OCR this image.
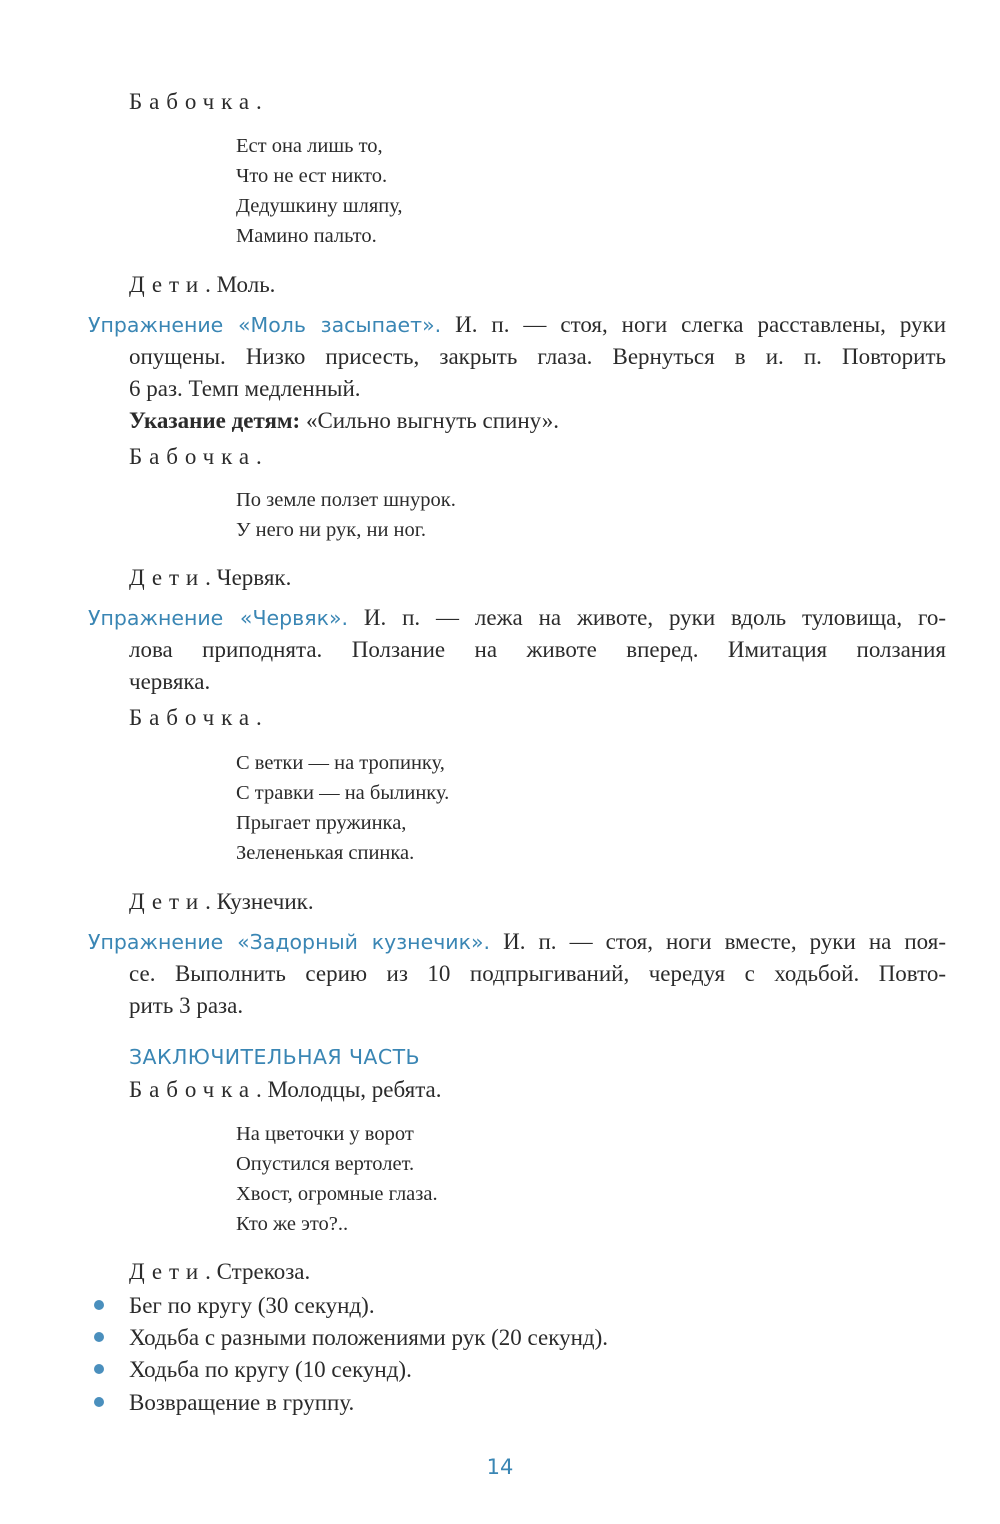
Бабочка.
Ест она лишь то,
Что не ест никто.
Дедушкину шляпу,
Мамино пальто.
Дети. Моль.
Упражнение «Моль засыпает». И. п. — стоя, ноги слегка расставлены, руки
опущены. Низко присесть, закрыть глаза. Вернуться в и. п. Повторить
6 раз. Темп медленный.
Указание детям: «Сильно выгнуть спину».
Бабочка.
По земле ползет шнурок.
У него ни рук, ни ног.
Дети. Червяк.
Упражнение «Червяк». И. п. — лежа на животе, руки вдоль туловища, го-
лова приподнята. Ползание на животе вперед. Имитация ползания
червяка.
Бабочка.
С ветки — на тропинку,
С травки — на былинку.
Прыгает пружинка,
Зелененькая спинка.
Дети. Кузнечик.
Упражнение «Задорный кузнечик». И. п. — стоя, ноги вместе, руки на поя-
се. Выполнить серию из 10 подпрыгиваний, чередуя с ходьбой. Повто-
рить 3 раза.
ЗАКЛЮЧИТЕЛЬНАЯ ЧАСТЬ
Бабочка. Молодцы, ребята.
На цветочки у ворот
Опустился вертолет.
Хвост, огромные глаза.
Кто же это?..
Дети. Стрекоза.
Бег по кругу (30 секунд).
Ходьба с разными положениями рук (20 секунд).
Ходьба по кругу (10 секунд).
Возвращение в группу.
14
